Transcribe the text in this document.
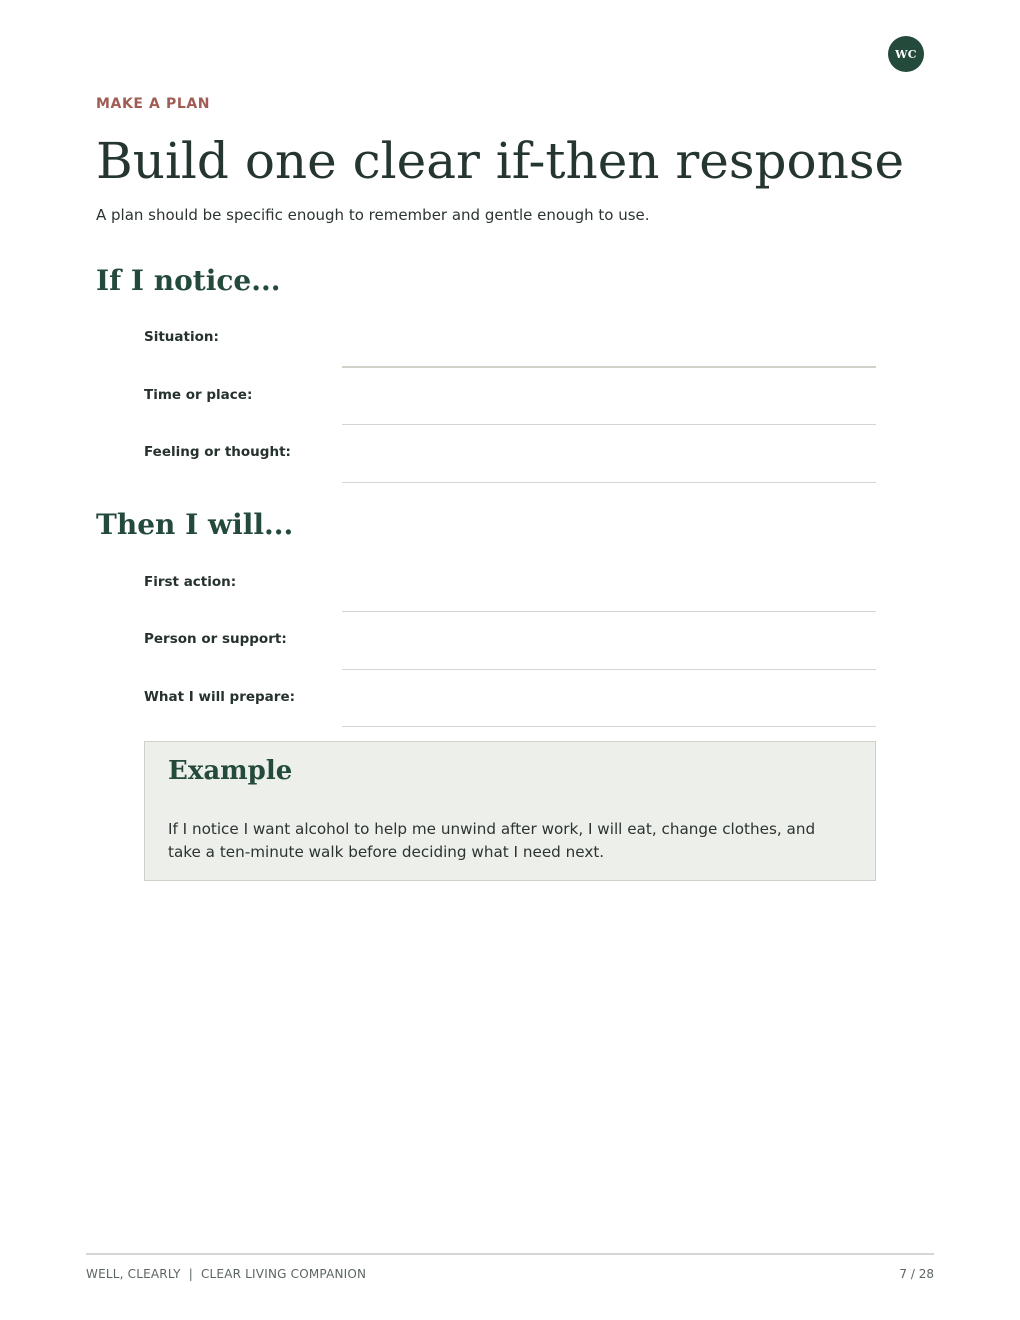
WC
MAKE A PLAN
Build one clear if-then response

A plan should be specific enough to remember and gentle enough to use.

If I notice...
Situation:
Time or place:
Feeling or thought:
Then I will...
First action:
Person or support:
What I will prepare:
Example

If I notice I want alcohol to help me unwind after work, I will eat, change clothes, and take a ten-minute walk before deciding what I need next.

WELL, CLEARLY  |  CLEAR LIVING COMPANION	7 / 28
